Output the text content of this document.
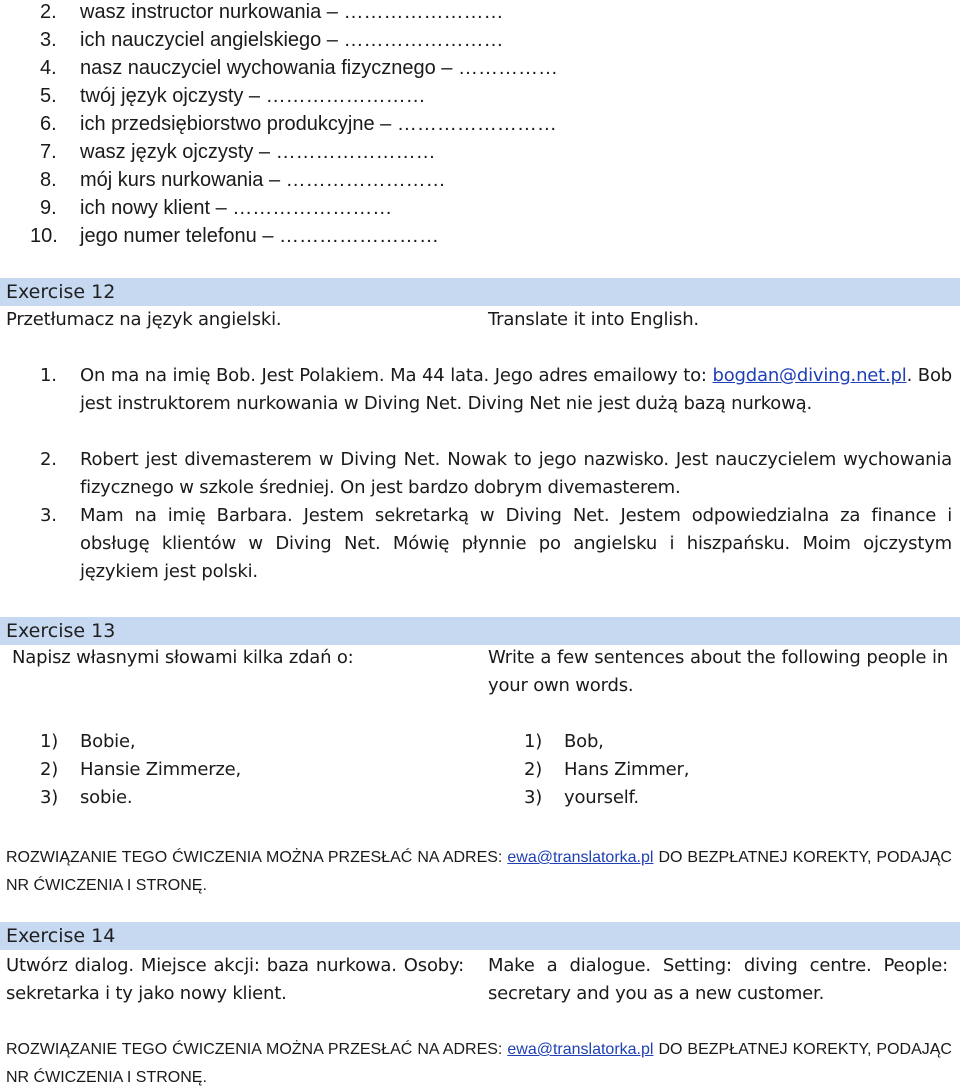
2. wasz instructor nurkowania – ……………………
3. ich nauczyciel angielskiego – ……………………
4. nasz nauczyciel wychowania fizycznego – ……………
5. twój język ojczysty – ……………………
6. ich przedsiębiorstwo produkcyjne – ……………………
7. wasz język ojczysty – ……………………
8. mój kurs nurkowania – ……………………
9. ich nowy klient – ……………………
10. jego numer telefonu – ……………………
Exercise 12
Przetłumacz na język angielski.	Translate it into English.
1. On ma na imię Bob. Jest Polakiem. Ma 44 lata. Jego adres emailowy to: bogdan@diving.net.pl. Bob jest instruktorem nurkowania w Diving Net. Diving Net nie jest dużą bazą nurkową.
2. Robert jest divemasterem w Diving Net. Nowak to jego nazwisko. Jest nauczycielem wychowania fizycznego w szkole średniej. On jest bardzo dobrym divemasterem.
3. Mam na imię Barbara. Jestem sekretarką w Diving Net. Jestem odpowiedzialna za finance i obsługę klientów w Diving Net. Mówię płynnie po angielsku i hiszpańsku. Moim ojczystym językiem jest polski.
Exercise 13
Napisz własnymi słowami kilka zdań o:	Write a few sentences about the following people in your own words.
1) Bobie,
2) Hansie Zimmerze,
3) sobie.
1) Bob,
2) Hans Zimmer,
3) yourself.
ROZWIĄZANIE TEGO ĆWICZENIA MOŻNA PRZESŁAĆ NA ADRES: ewa@translatorka.pl DO BEZPŁATNEJ KOREKTY, PODAJĄC NR ĆWICZENIA I STRONĘ.
Exercise 14
Utwórz dialog. Miejsce akcji: baza nurkowa. Osoby: sekretarka i ty jako nowy klient.
Make a dialogue. Setting: diving centre. People: secretary and you as a new customer.
ROZWIĄZANIE TEGO ĆWICZENIA MOŻNA PRZESŁAĆ NA ADRES: ewa@translatorka.pl DO BEZPŁATNEJ KOREKTY, PODAJĄC NR ĆWICZENIA I STRONĘ.
